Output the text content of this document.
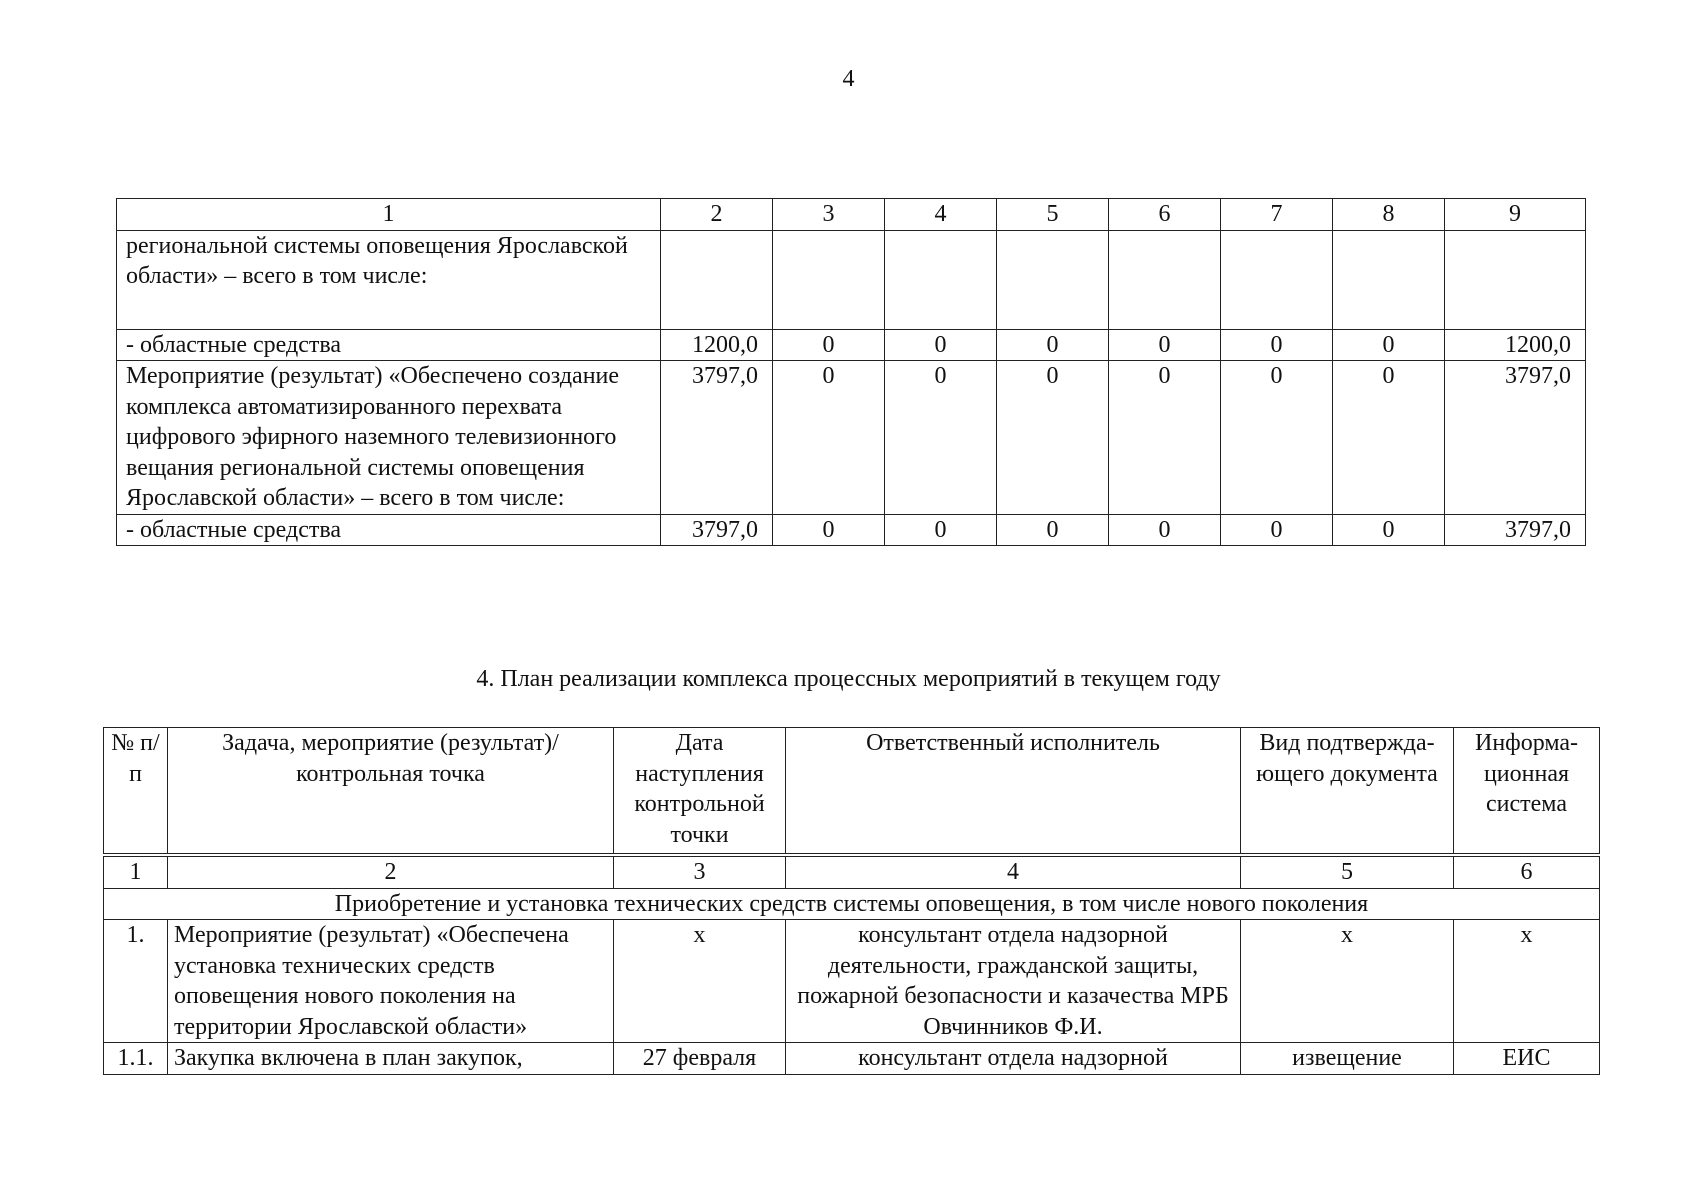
4
1	2	3	4	5	6	7	8	9
региональной системы оповещения Ярославской области» – всего в том числе:								
- областные средства	1200,0	0	0	0	0	0	0	1200,0
Мероприятие (результат) «Обеспечено создание комплекса автоматизированного перехвата цифрового эфирного наземного телевизионного вещания региональной системы оповещения Ярославской области» – всего в том числе:	3797,0	0	0	0	0	0	0	3797,0
- областные средства	3797,0	0	0	0	0	0	0	3797,0
4. План реализации комплекса процессных мероприятий в текущем году
№ п/п	Задача, мероприятие (результат)/контрольная точка	Дата наступления контрольной точки	Ответственный исполнитель	Вид подтвержда-ющего документа	Информа-ционная система
1	2	3	4	5	6
Приобретение и установка технических средств системы оповещения, в том числе нового поколения					
1.	Мероприятие (результат) «Обеспечена установка технических средств оповещения нового поколения на территории Ярославской области»	х	консультант отдела надзорной деятельности, гражданской защиты, пожарной безопасности и казачества МРБ Овчинников Ф.И.	х	х
1.1.	Закупка включена в план закупок,	27 февраля	консультант отдела надзорной	извещение	ЕИС
